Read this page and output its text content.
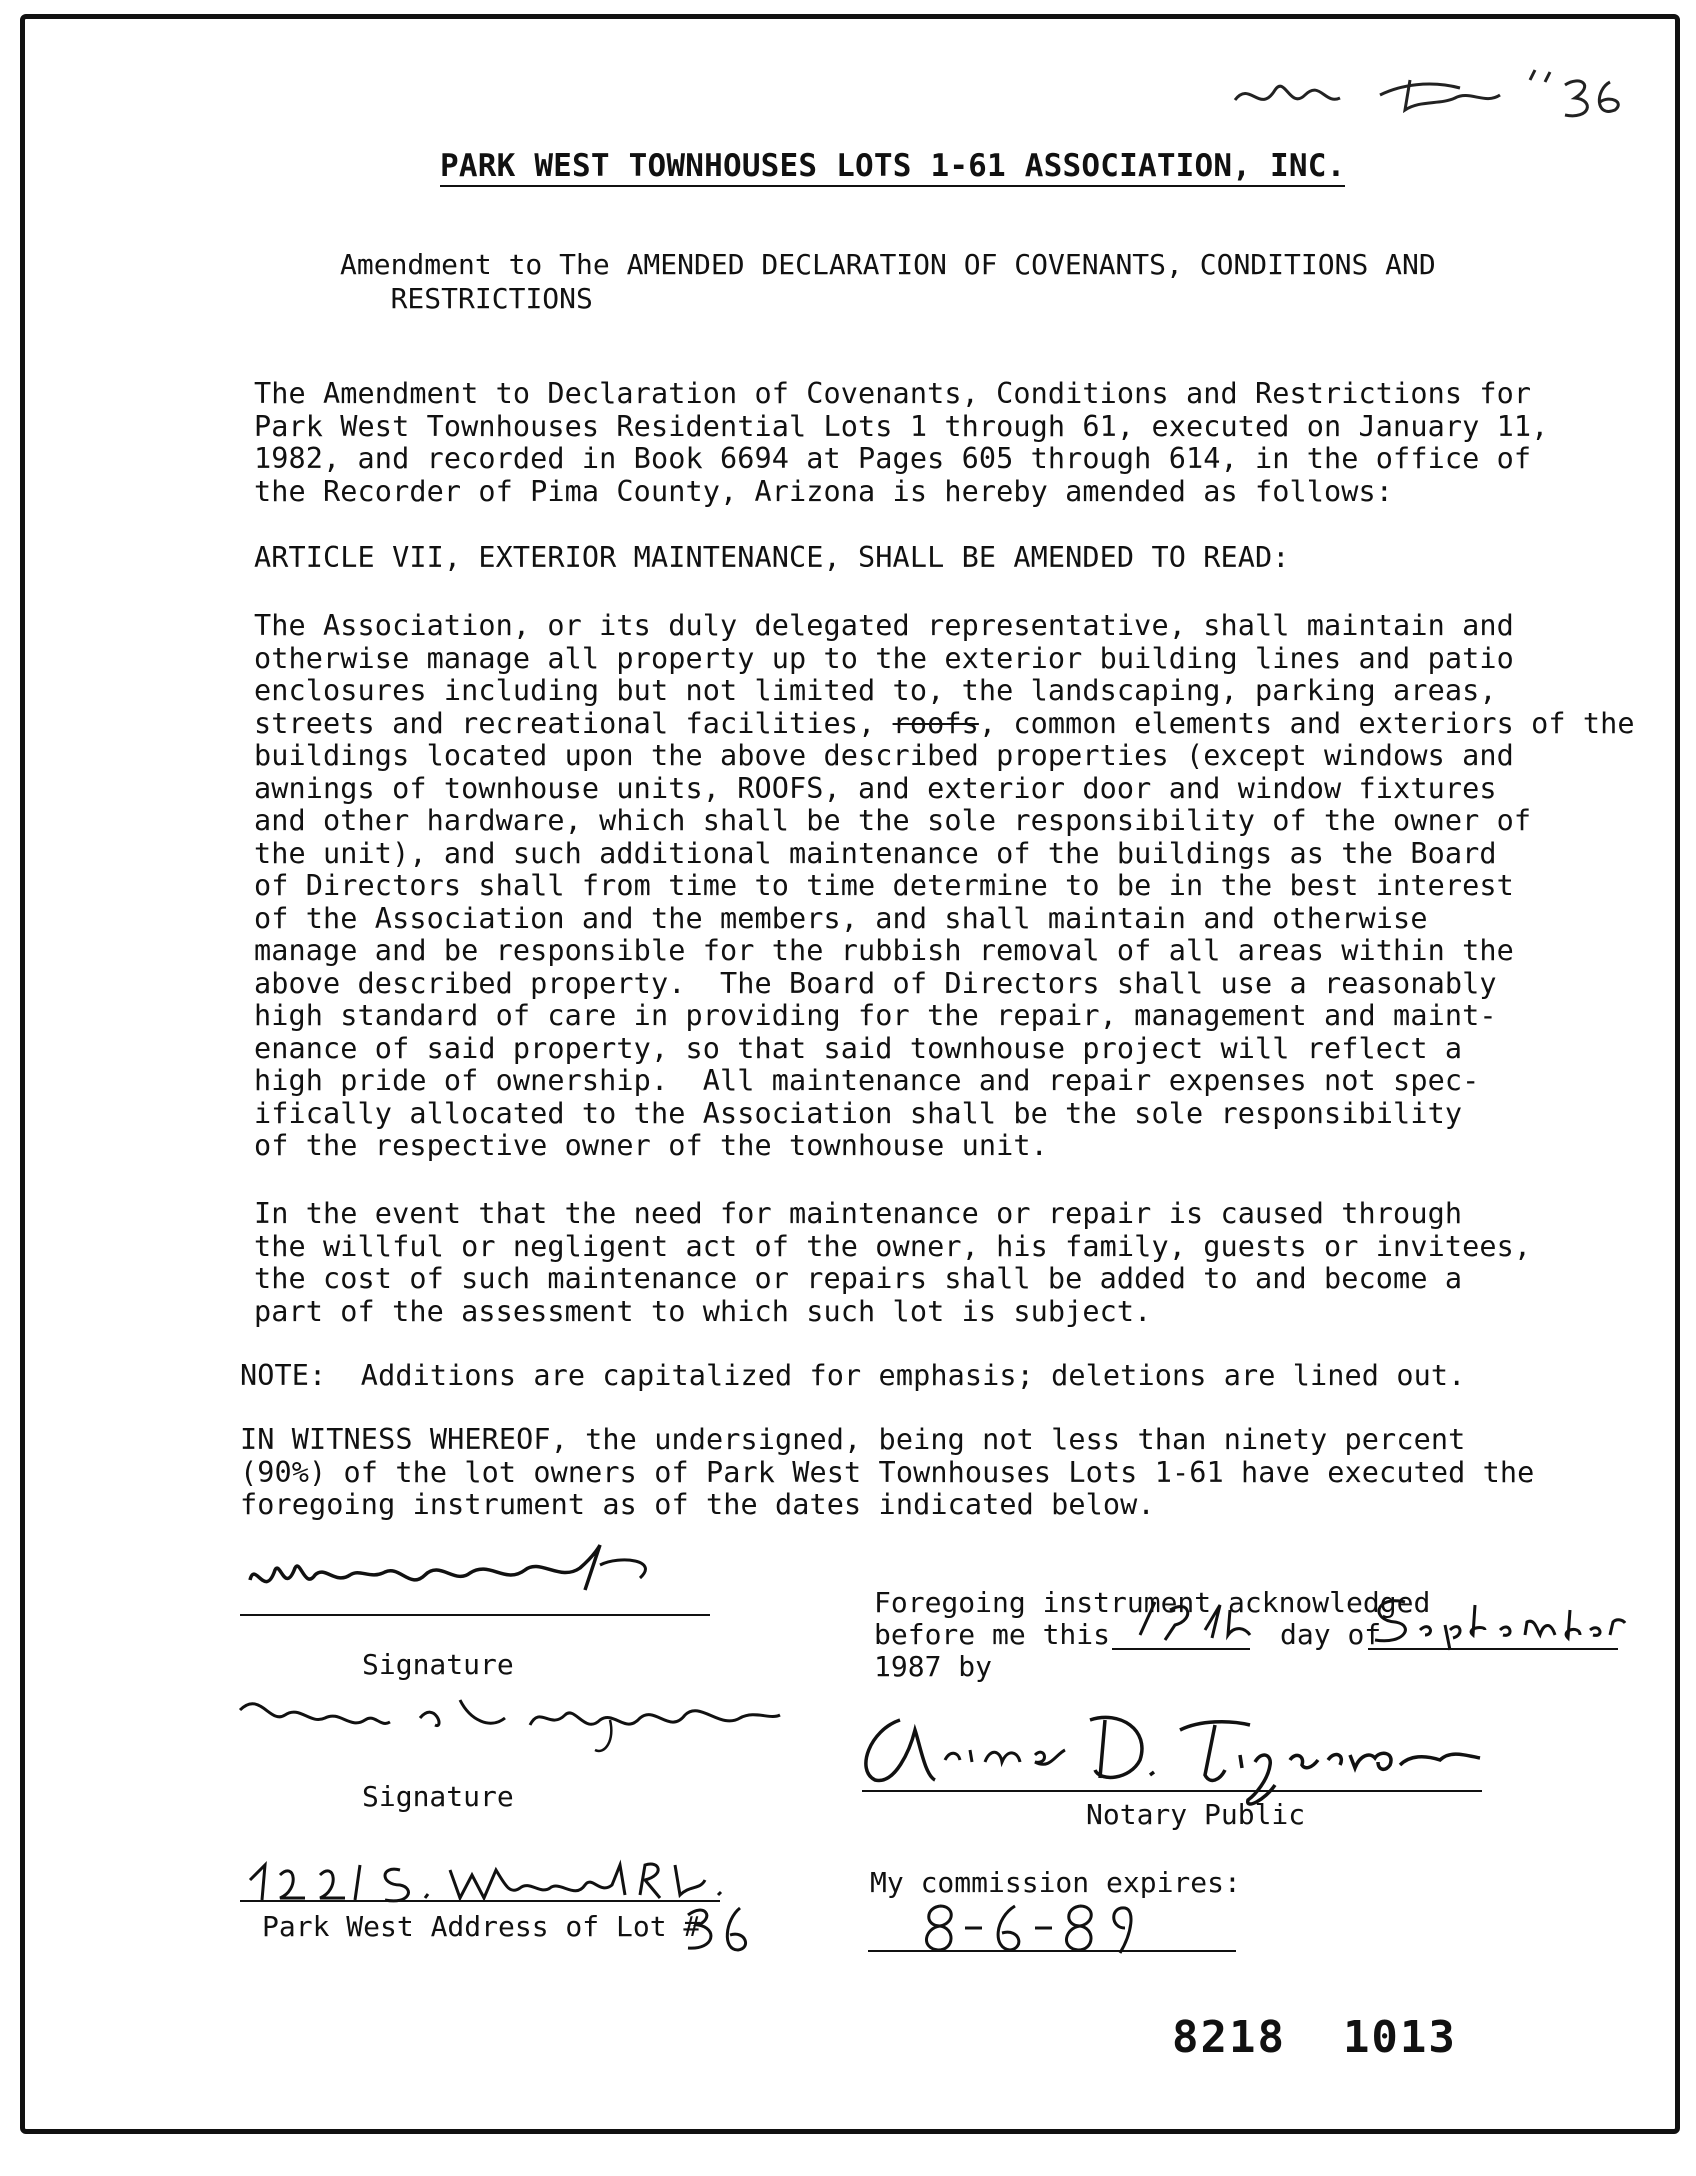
PARK WEST TOWNHOUSES LOTS 1-61 ASSOCIATION, INC.
Amendment to The AMENDED DECLARATION OF COVENANTS, CONDITIONS AND
RESTRICTIONS
The Amendment to Declaration of Covenants, Conditions and Restrictions for
Park West Townhouses Residential Lots 1 through 61, executed on January 11,
1982, and recorded in Book 6694 at Pages 605 through 614, in the office of
the Recorder of Pima County, Arizona is hereby amended as follows:
ARTICLE VII, EXTERIOR MAINTENANCE, SHALL BE AMENDED TO READ:
The Association, or its duly delegated representative, shall maintain and
otherwise manage all property up to the exterior building lines and patio
enclosures including but not limited to, the landscaping, parking areas,
streets and recreational facilities, roofs, common elements and exteriors of the
buildings located upon the above described properties (except windows and
awnings of townhouse units, ROOFS, and exterior door and window fixtures
and other hardware, which shall be the sole responsibility of the owner of
the unit), and such additional maintenance of the buildings as the Board
of Directors shall from time to time determine to be in the best interest
of the Association and the members, and shall maintain and otherwise
manage and be responsible for the rubbish removal of all areas within the
above described property.  The Board of Directors shall use a reasonably
high standard of care in providing for the repair, management and maint-
enance of said property, so that said townhouse project will reflect a
high pride of ownership.  All maintenance and repair expenses not spec-
ifically allocated to the Association shall be the sole responsibility
of the respective owner of the townhouse unit.
In the event that the need for maintenance or repair is caused through
the willful or negligent act of the owner, his family, guests or invitees,
the cost of such maintenance or repairs shall be added to and become a
part of the assessment to which such lot is subject.
NOTE:  Additions are capitalized for emphasis; deletions are lined out.
IN WITNESS WHEREOF, the undersigned, being not less than ninety percent
(90%) of the lot owners of Park West Townhouses Lots 1-61 have executed the
foregoing instrument as of the dates indicated below.
Signature
Signature
Park West Address of Lot #
Foregoing instrument acknowledged
before me this	day of
1987 by
Notary Public
My commission expires:
8218  1013
